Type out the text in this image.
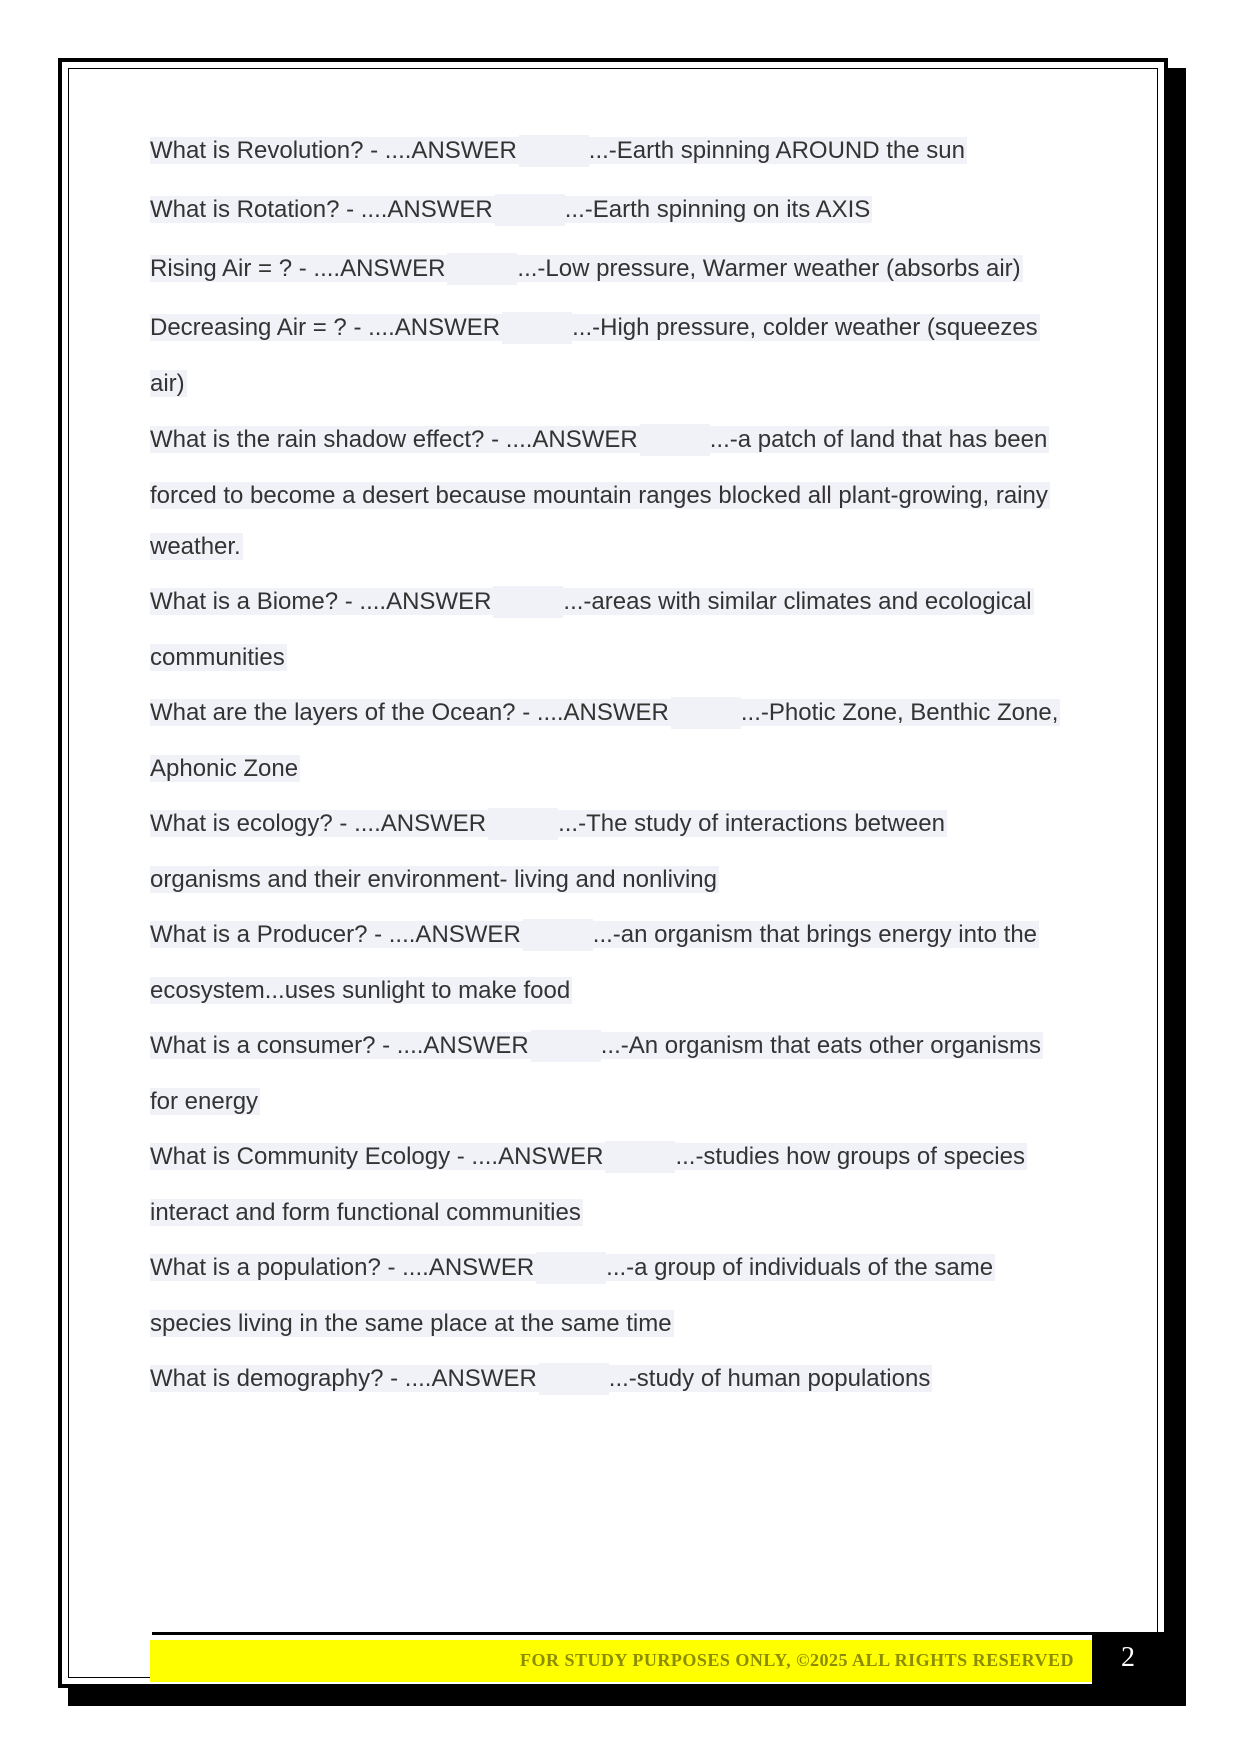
What is Revolution? - ....ANSWER	...-Earth spinning AROUND the sun
What is Rotation? - ....ANSWER	...-Earth spinning on its AXIS
Rising Air = ? - ....ANSWER	...-Low pressure, Warmer weather (absorbs air)
Decreasing Air = ? - ....ANSWER	...-High pressure, colder weather (squeezes
air)
What is the rain shadow effect? - ....ANSWER	...-a patch of land that has been
forced to become a desert because mountain ranges blocked all plant-growing, rainy
weather.
What is a Biome? - ....ANSWER	...-areas with similar climates and ecological
communities
What are the layers of the Ocean? - ....ANSWER	...-Photic Zone, Benthic Zone,
Aphonic Zone
What is ecology? - ....ANSWER	...-The study of interactions between
organisms and their environment- living and nonliving
What is a Producer? - ....ANSWER	...-an organism that brings energy into the
ecosystem...uses sunlight to make food
What is a consumer? - ....ANSWER	...-An organism that eats other organisms
for energy
What is Community Ecology - ....ANSWER	...-studies how groups of species
interact and form functional communities
What is a population? - ....ANSWER	...-a group of individuals of the same
species living in the same place at the same time
What is demography? - ....ANSWER	...-study of human populations
FOR STUDY PURPOSES ONLY, ©2025 ALL RIGHTS RESERVED	2
